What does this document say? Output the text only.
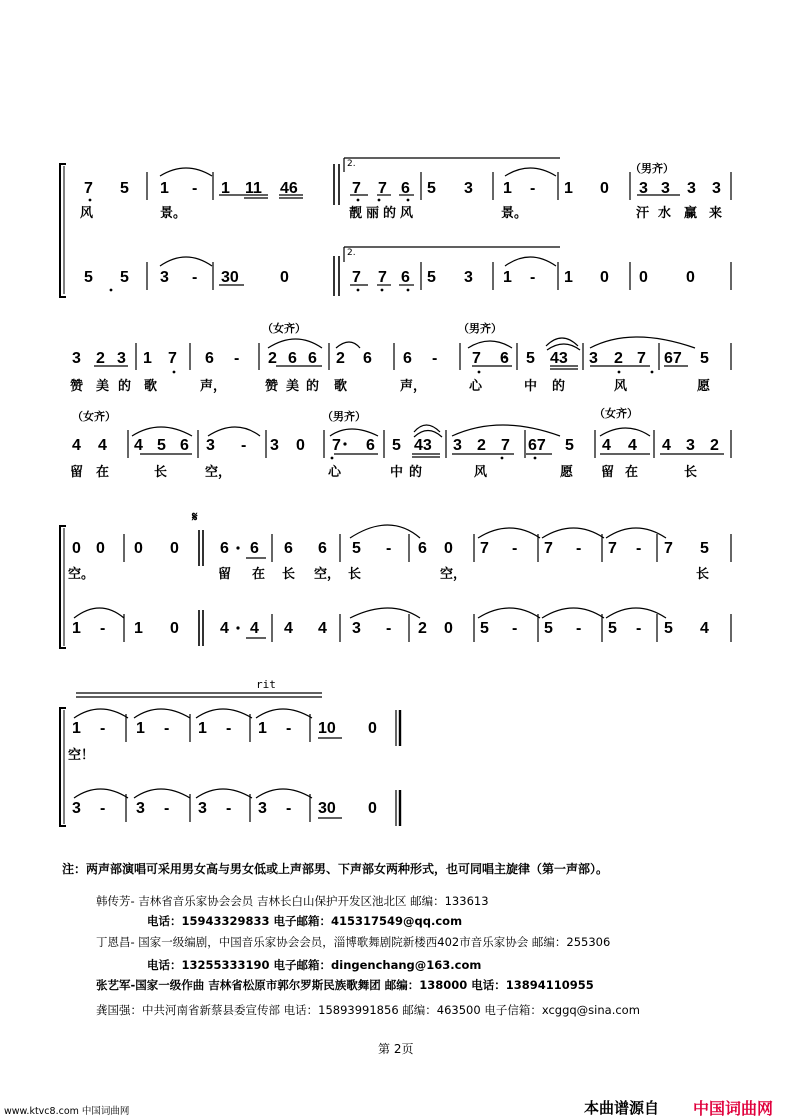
2.	（男齐）
7 5 1 - 1 11 46	7 7 6 5 3 1 - 1 0 3 3 3 3
风	景。	靓丽的风	景。	汗 水 赢 来
2.
5 5 3 - 30	0	7 7 6 5 3 1 - 1 0 0 0
（女齐）	（男齐）
3 2 3 1 7 6 - 2 6 6 2 6 6 - 7 6 5 43 3 2 7 67 5
赞 美 的 歌	声，	赞 美 的 歌	声，	心	中 的	风	愿
（女齐）	（男齐）	（女齐）
4 4 4 5 6 3 - 3 0 7 6 5 43 3 2 7 67 5 4 4 4 3 2
留 在	长	空，	心	中的	风	愿 留 在	长
𝄋
0 0 0 0	6 6 6 6 5 - 6 0 7 - 7 - 7 - 7 5
空。	留 在 长 空， 长	空，	长
1 - 1 0	4 4 4 4 3 - 2 0 5 - 5 - 5 - 5 4
rit
1 - 1 - 1 - 1 - 10 0
空！
3 - 3 - 3 - 3 - 30 0
注：两声部演唱可采用男女高与男女低或上声部男、下声部女两种形式，也可同唱主旋律（第一声部）。
韩传芳- 吉林省音乐家协会会员 吉林长白山保护开发区池北区 邮编：133613
电话：15943329833 电子邮箱：415317549@qq.com
丁恩昌- 国家一级编剧，中国音乐家协会会员，淄博歌舞剧院新楼西402市音乐家协会 邮编：255306
电话：13255333190 电子邮箱：dingenchang@163.com
张艺军-国家一级作曲 吉林省松原市郭尔罗斯民族歌舞团 邮编：138000 电话：13894110955
龚国强：中共河南省新蔡县委宣传部 电话：15893991856 邮编：463500 电子信箱：xcggq@sina.com
第 2页
www.ktvc8.com 中国词曲网	本曲谱源自 中国词曲网
